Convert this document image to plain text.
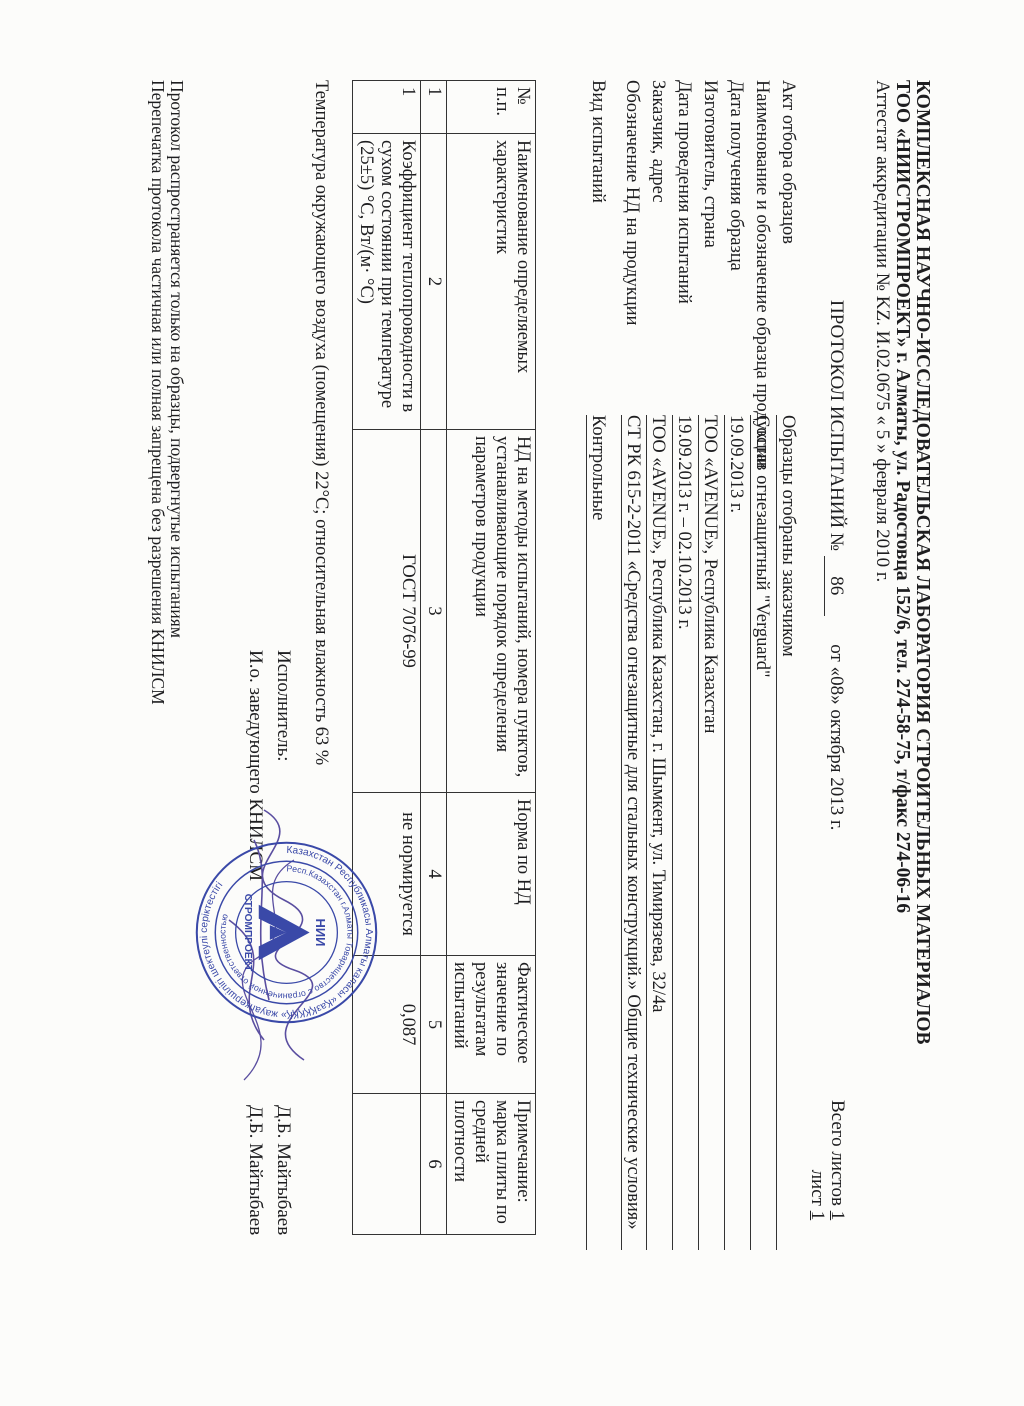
КОМПЛЕКСНАЯ НАУЧНО-ИССЛЕДОВАТЕЛЬСКАЯ ЛАБОРАТОРИЯ СТРОИТЕЛЬНЫХ МАТЕРИАЛОВ
ТОО «НИИСТРОМПРОЕКТ» г. Алматы, ул. Радостовца 152/6, тел. 274-58-75, т/факс 274-06-16
Аттестат аккредитации № KZ. И.02.0675 « 5 » февраля 2010 г.
ПРОТОКОЛ ИСПЫТАНИЙ № 86      от «08» октября 2013 г.
Всего листов 1
лист 1
Акт отбора образцов
Образцы отобраны заказчиком
Наименование и обозначение образца продукции
Состав огнезащитный "Verguard"
Дата получения образца
19.09.2013 г.
Изготовитель, страна
ТОО «AVENUE», Республика Казахстан
Дата проведения испытаний
19.09.2013 г. – 02.10.2013 г.
Заказчик, адрес
ТОО «AVENUE», Республика Казахстан, г. Шымкент, ул. Тимирязева, 32/4а
Обозначение НД на продукции
СТ РК 615-2-2011 «Средства огнезащитные для стальных конструкций.» Общие технические условия»
Вид испытаний
Контрольные
№ п.п.	Наименование определяемых характеристик	НД на методы испытаний, номера пунктов, устанавливающие порядок определения параметров продукции	Норма по НД	Фактическое значение по результатам испытаний	Примечание: марка плиты по средней плотности
1	2	3	4	5	6
1	Коэффициент теплопроводности в сухом состоянии при температуре (25±5) °С, Вт/(м· °С)	ГОСТ 7076-99	не нормируется	0,087	
Температура окружающего воздуха (помещения) 22°С; относительная влажность 63 %
Исполнитель:
Д.Б. Майтыбаев
И.о. заведующего КНИЛСМ
Д.Б. Майтыбаев
Казахстан Республикасы Алматы каласы «ҚазҚҚҚҚҚ» жауапкершілігі шектеулі серіктестігі
Респ.Казахстан г.Алматы Товарищество с ограниченной ответственностью
НИИ
СТРОМПРОЕКТ
Протокол распространяется только на образцы, подвергнутые испытаниям
Перепечатка протокола частичная или полная запрещена без разрешения КНИЛСМ
